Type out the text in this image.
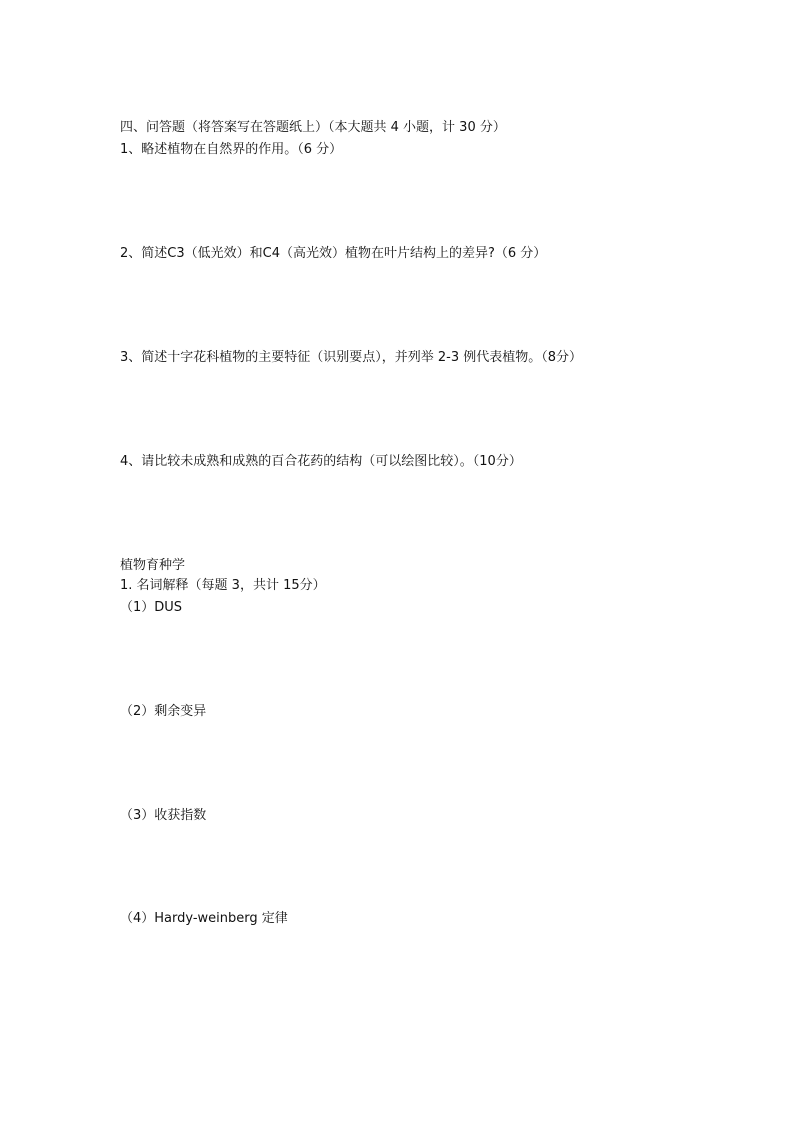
四、问答题（将答案写在答题纸上）（本大题共 4 小题，计 30 分）
1、略述植物在自然界的作用。（6 分）
2、简述C3（低光效）和C4（高光效）植物在叶片结构上的差异?（6 分）
3、简述十字花科植物的主要特征（识别要点），并列举 2-3 例代表植物。（8分）
4、请比较未成熟和成熟的百合花药的结构（可以绘图比较）。（10分）
植物育种学
1. 名词解释（每题 3，共计 15分）
（1）DUS
（2）剩余变异
（3）收获指数
（4）Hardy-weinberg 定律
